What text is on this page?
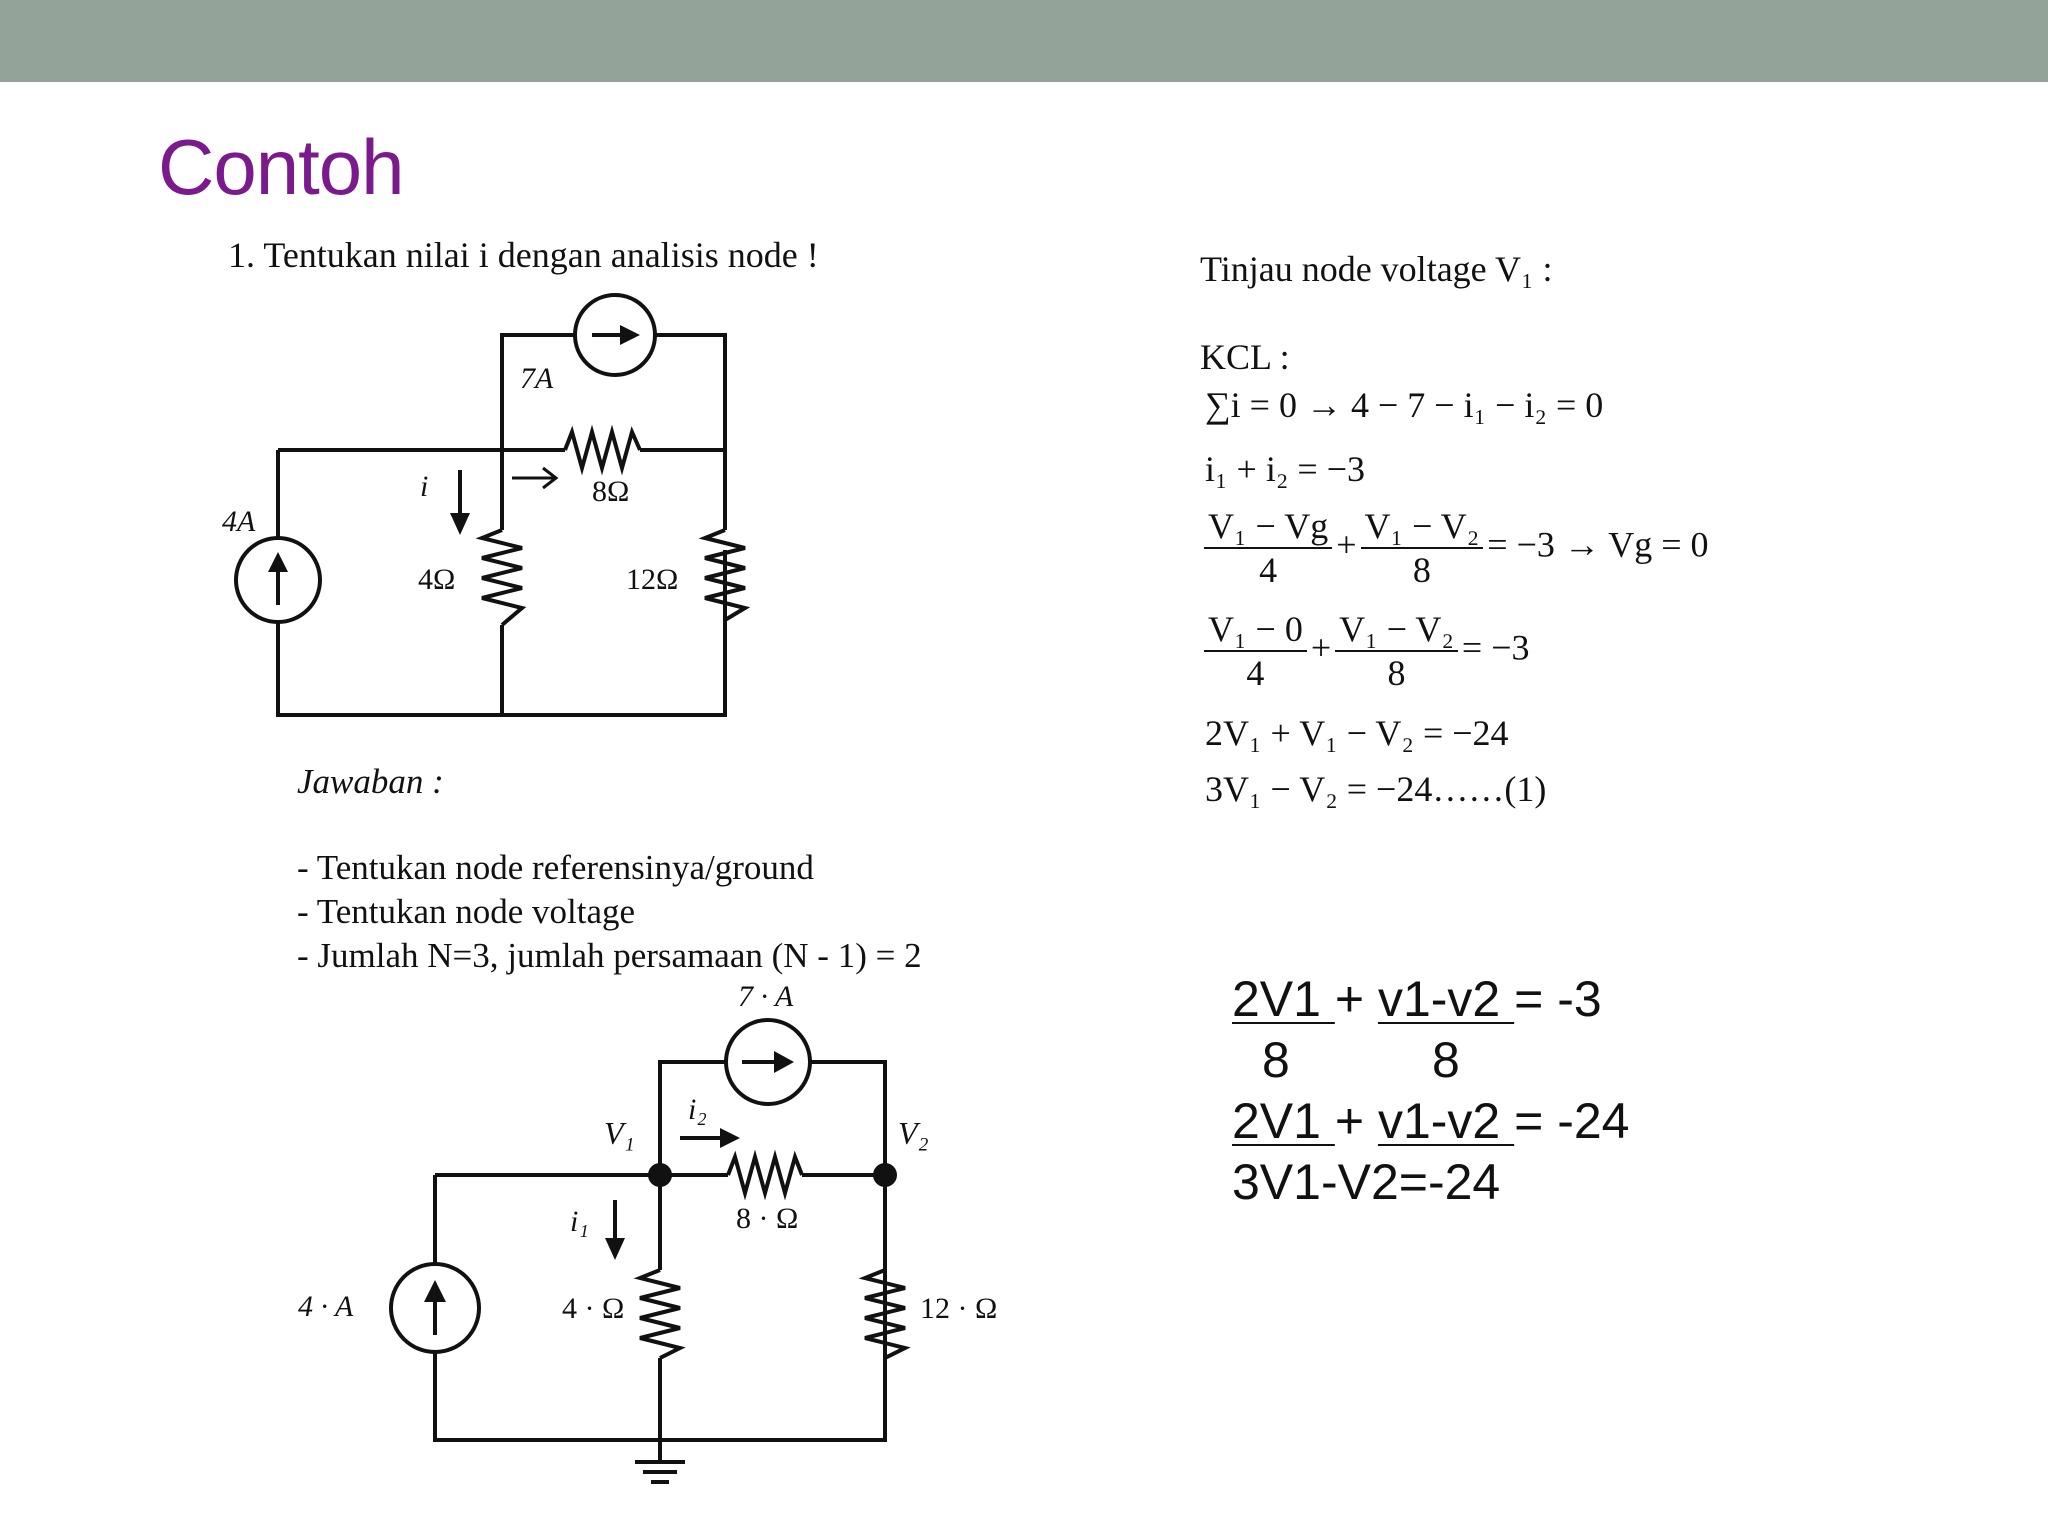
Contoh
1. Tentukan nilai i dengan analisis node !
7A
4A
i	8Ω
4Ω	12Ω
Jawaban :
- Tentukan node referensinya/ground
- Tentukan node voltage
- Jumlah N=3, jumlah persamaan (N - 1) = 2
7 · A
4 · A
V₁	V₂
i₁
i₂
8 · Ω
4 · Ω	12 · Ω
Tinjau node voltage V₁ :
KCL :
∑i = 0 → 4 − 7 − i₁ − i₂ = 0
i₁ + i₂ = −3
$\frac{\text{V₁ − Vg}}{4} + \frac{\text{V₁ − V₂}}{8} = -3 \to Vg = 0$
$\frac{\text{V₁ − 0}}{4} + \frac{\text{V₁ − V₂}}{8} = -3$
2V₁ + V₁ − V₂ = −24
3V₁ − V₂ = −24……(1)
2V1 + v1-v2 = -3
8	8
2V1 + v1-v2 = -24
3V1-V2=-24
